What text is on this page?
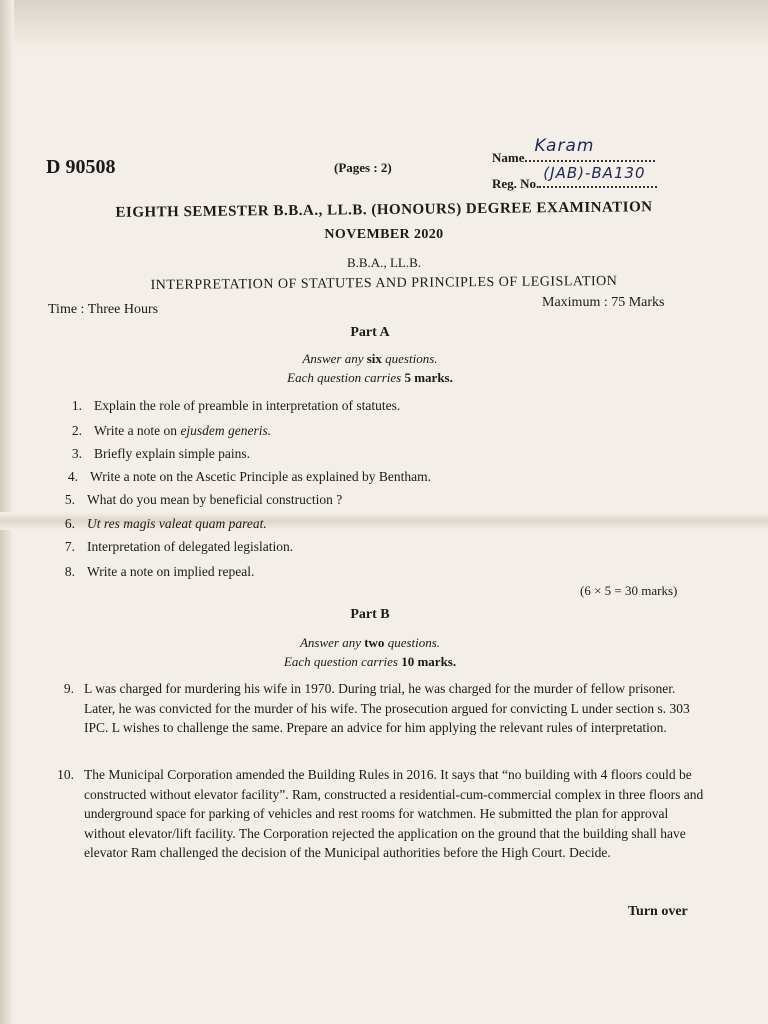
D 90508	(Pages : 2)
Name
Karam
Reg. No.
(JAB)-BA130
EIGHTH SEMESTER B.B.A., LL.B. (HONOURS) DEGREE EXAMINATION
NOVEMBER 2020
B.B.A., LL.B.
INTERPRETATION OF STATUTES AND PRINCIPLES OF LEGISLATION
Time : Three Hours	Maximum : 75 Marks
Part A
Answer any six questions.
Each question carries 5 marks.
1. Explain the role of preamble in interpretation of statutes.
2. Write a note on ejusdem generis.
3. Briefly explain simple pains.
4. Write a note on the Ascetic Principle as explained by Bentham.
5. What do you mean by beneficial construction ?
6. Ut res magis valeat quam pareat.
7. Interpretation of delegated legislation.
8. Write a note on implied repeal.
(6 × 5 = 30 marks)
Part B
Answer any two questions.
Each question carries 10 marks.
9. L was charged for murdering his wife in 1970. During trial, he was charged for the murder of fellow prisoner. Later, he was convicted for the murder of his wife. The prosecution argued for convicting L under section s. 303 IPC. L wishes to challenge the same. Prepare an advice for him applying the relevant rules of interpretation.
10. The Municipal Corporation amended the Building Rules in 2016. It says that “no building with 4 floors could be constructed without elevator facility”. Ram, constructed a residential-cum-commercial complex in three floors and underground space for parking of vehicles and rest rooms for watchmen. He submitted the plan for approval without elevator/lift facility. The Corporation rejected the application on the ground that the building shall have elevator Ram challenged the decision of the Municipal authorities before the High Court. Decide.
Turn over
